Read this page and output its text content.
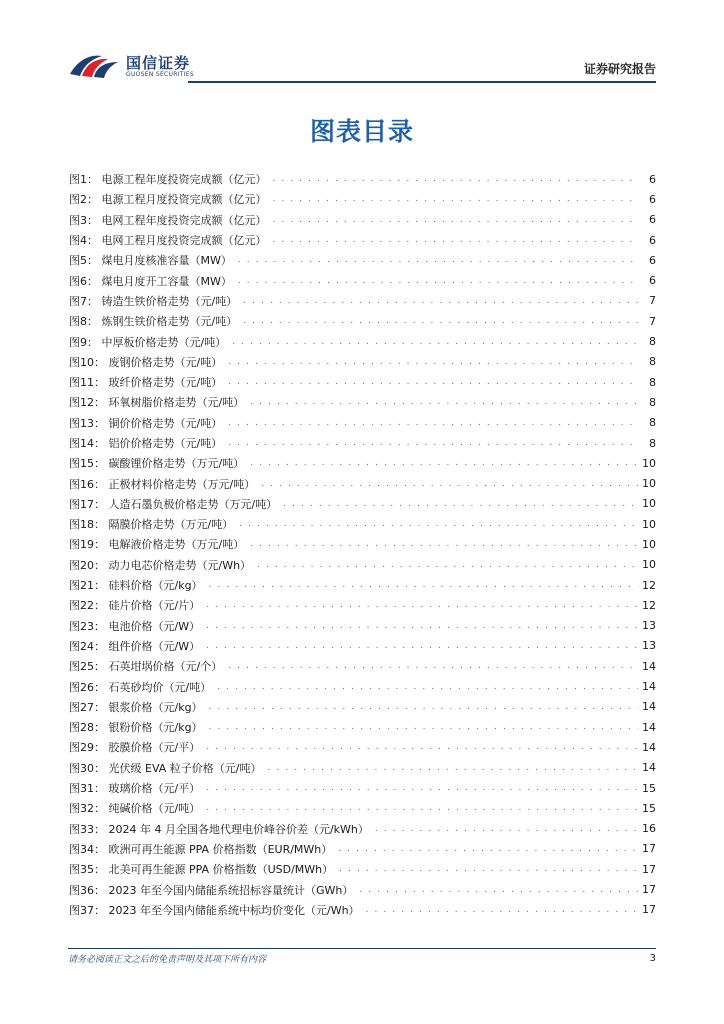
国信证券
GUOSEN SECURITIES	证券研究报告
图表目录
图1： 电源工程年度投资完成额（亿元） . . .	6
图2： 电源工程月度投资完成额（亿元） . . .	6
图3： 电网工程年度投资完成额（亿元） . . .	6
图4： 电网工程月度投资完成额（亿元） . . .	6
图5： 煤电月度核准容量（MW） . . .	6
图6： 煤电月度开工容量（MW） . . .	6
图7： 铸造生铁价格走势（元/吨） . . .	7
图8： 炼钢生铁价格走势（元/吨） . . .	7
图9： 中厚板价格走势（元/吨） . . .	8
图10： 废钢价格走势（元/吨） . . .	8
图11： 玻纤价格走势（元/吨） . . .	8
图12： 环氧树脂价格走势（元/吨） . . .	8
图13： 铜价价格走势（元/吨） . . .	8
图14： 铝价价格走势（元/吨） . . .	8
图15： 碳酸锂价格走势（万元/吨） . . .	10
图16： 正极材料价格走势（万元/吨） . . .	10
图17： 人造石墨负极价格走势（万元/吨） . . .	10
图18： 隔膜价格走势（万元/吨） . . .	10
图19： 电解液价格走势（万元/吨） . . .	10
图20： 动力电芯价格走势（元/Wh） . . .	10
图21： 硅料价格（元/kg） . . .	12
图22： 硅片价格（元/片） . . .	12
图23： 电池价格（元/W） . . .	13
图24： 组件价格（元/W） . . .	13
图25： 石英坩埚价格（元/个） . . .	14
图26： 石英砂均价（元/吨） . . .	14
图27： 银浆价格（元/kg） . . .	14
图28： 银粉价格（元/kg） . . .	14
图29： 胶膜价格（元/平） . . .	14
图30： 光伏级 EVA 粒子价格（元/吨） . . .	14
图31： 玻璃价格（元/平） . . .	15
图32： 纯碱价格（元/吨） . . .	15
图33： 2024 年 4 月全国各地代理电价峰谷价差（元/kWh） . . .	16
图34： 欧洲可再生能源 PPA 价格指数（EUR/MWh） . . .	17
图35： 北美可再生能源 PPA 价格指数（USD/MWh） . . .	17
图36： 2023 年至今国内储能系统招标容量统计（GWh） . . .	17
图37： 2023 年至今国内储能系统中标均价变化（元/Wh） . . .	17
请务必阅读正文之后的免责声明及其项下所有内容	3
